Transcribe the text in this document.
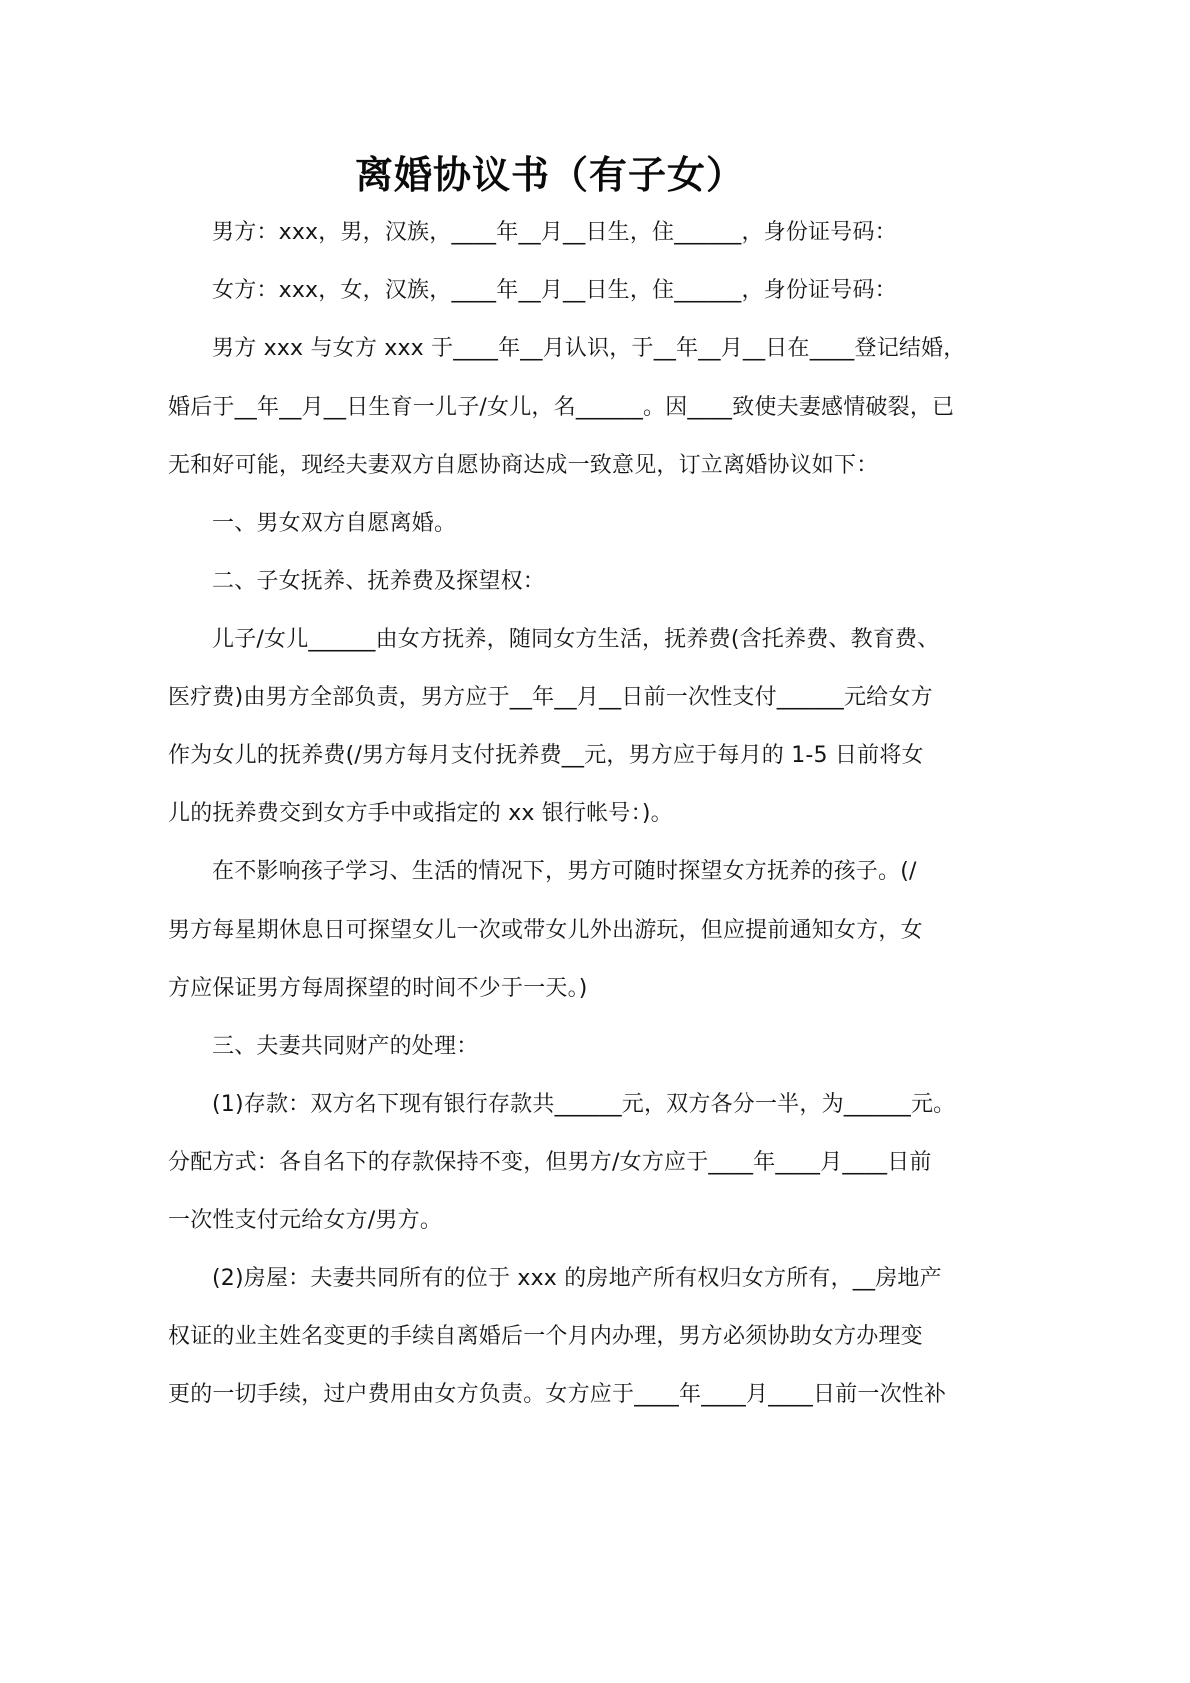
离婚协议书（有子女）
男方：xxx，男，汉族，____年__月__日生，住______，身份证号码：
女方：xxx，女，汉族，____年__月__日生，住______，身份证号码：
男方 xxx 与女方 xxx 于____年__月认识，于__年__月__日在____登记结婚，
婚后于__年__月__日生育一儿子/女儿，名______。因____致使夫妻感情破裂，已
无和好可能，现经夫妻双方自愿协商达成一致意见，订立离婚协议如下：
一、男女双方自愿离婚。
二、子女抚养、抚养费及探望权：
儿子/女儿______由女方抚养，随同女方生活，抚养费(含托养费、教育费、
医疗费)由男方全部负责，男方应于__年__月__日前一次性支付______元给女方
作为女儿的抚养费(/男方每月支付抚养费__元，男方应于每月的 1-5 日前将女
儿的抚养费交到女方手中或指定的 xx 银行帐号：)。
在不影响孩子学习、生活的情况下，男方可随时探望女方抚养的孩子。(/
男方每星期休息日可探望女儿一次或带女儿外出游玩，但应提前通知女方，女
方应保证男方每周探望的时间不少于一天。)
三、夫妻共同财产的处理：
(1)存款：双方名下现有银行存款共______元，双方各分一半，为______元。
分配方式：各自名下的存款保持不变，但男方/女方应于____年____月____日前
一次性支付元给女方/男方。
(2)房屋：夫妻共同所有的位于 xxx 的房地产所有权归女方所有，__房地产
权证的业主姓名变更的手续自离婚后一个月内办理，男方必须协助女方办理变
更的一切手续，过户费用由女方负责。女方应于____年____月____日前一次性补
